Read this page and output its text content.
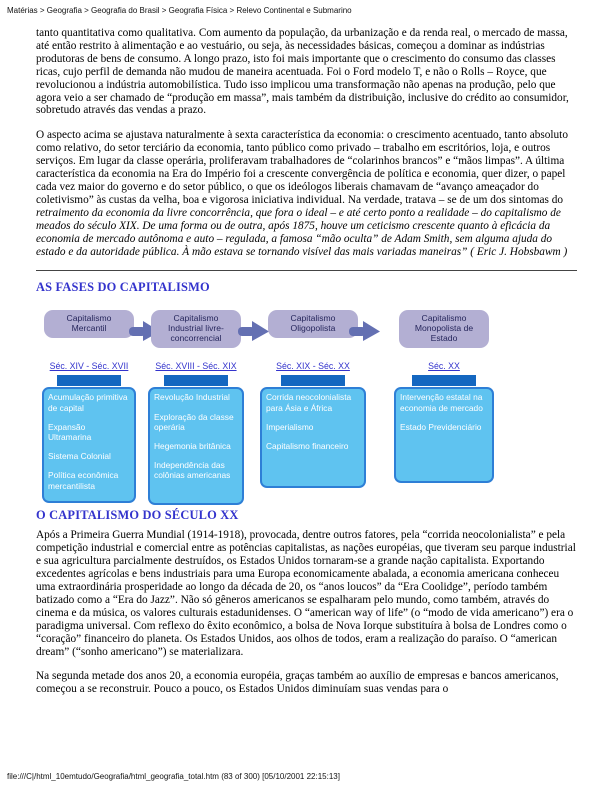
Matérias > Geografia > Geografia do Brasil > Geografia Física > Relevo Continental e Submarino

tanto quantitativa como qualitativa. Com aumento da população, da urbanização e da renda real, o mercado de massa, até então restrito à alimentação e ao vestuário, ou seja, às necessidades básicas, começou a dominar as indústrias produtoras de bens de consumo. A longo prazo, isto foi mais importante que o crescimento do consumo das classes ricas, cujo perfil de demanda não mudou de maneira acentuada. Foi o Ford modelo T, e não o Rolls – Royce, que revolucionou a indústria automobilística. Tudo isso implicou uma transformação não apenas na produção, pelo que agora veio a ser chamado de “produção em massa”, mais também da distribuição, inclusive do crédito ao consumidor, sobretudo através das vendas a prazo.

O aspecto acima se ajustava naturalmente à sexta característica da economia: o crescimento acentuado, tanto absoluto como relativo, do setor terciário da economia, tanto público como privado – trabalho em escritórios, loja, e outros serviços. Em lugar da classe operária, proliferavam trabalhadores de “colarinhos brancos” e “mãos limpas”. A última característica da economia na Era do Império foi a crescente convergência de política e economia, quer dizer, o papel cada vez maior do governo e do setor público, o que os ideólogos liberais chamavam de “avanço ameaçador do coletivismo” às custas da velha, boa e vigorosa iniciativa individual. Na verdade, tratava – se de um dos sintomas do retraimento da economia da livre concorrência, que fora o ideal – e até certo ponto a realidade – do capitalismo de meados do século XIX. De uma forma ou de outra, após 1875, houve um ceticismo crescente quanto à eficácia da economia de mercado autônoma e auto – regulada, a famosa “mão oculta” de Adam Smith, sem alguma ajuda do estado e da autoridade pública. À mão estava se tornando visível das mais variadas maneiras” ( Eric J. Hobsbawm )

AS FASES DO CAPITALISMO
Capitalismo Mercantil
Séc. XIV - Séc. XVII
Acumulação primitiva de capital
Expansão Ultramarina
Sistema Colonial
Política econômica mercantilista
Capitalismo Industrial livre-concorrencial
Séc. XVIII - Séc. XIX
Revolução Industrial
Exploração da classe operária
Hegemonia britânica
Independência das colônias americanas
Capitalismo Oligopolista
Séc. XIX - Séc. XX
Corrida neocolonialista para Ásia e África
Imperialismo
Capitalismo financeiro
Capitalismo Monopolista de Estado
Séc. XX
Intervenção estatal na economia de mercado
Estado Previdenciário
O CAPITALISMO DO SÉCULO XX

Após a Primeira Guerra Mundial (1914-1918), provocada, dentre outros fatores, pela “corrida neocolonialista” e pela competição industrial e comercial entre as potências capitalistas, as nações européias, que tiveram seu parque industrial e sua agricultura parcialmente destruídos, os Estados Unidos tornaram-se a grande nação capitalista. Exportando excedentes agrícolas e bens industriais para uma Europa economicamente abalada, a economia americana conheceu uma extraordinária prosperidade ao longo da década de 20, os “anos loucos” da “Era Coolidge”, período também batizado como a “Era do Jazz”. Não só gêneros americanos se espalharam pelo mundo, como também, através do cinema e da música, os valores culturais estadunidenses. O “american way of life” (o “modo de vida americano”) era o paradigma universal. Com reflexo do êxito econômico, a bolsa de Nova Iorque substituíra à bolsa de Londres como o “coração” financeiro do planeta. Os Estados Unidos, aos olhos de todos, eram a realização do paraíso. O “american dream” (“sonho americano”) se materializara.

Na segunda metade dos anos 20, a economia européia, graças também ao auxílio de empresas e bancos americanos, começou a se reconstruir. Pouco a pouco, os Estados Unidos diminuíam suas vendas para o

file:///C|/html_10emtudo/Geografia/html_geografia_total.htm (83 of 300) [05/10/2001 22:15:13]
